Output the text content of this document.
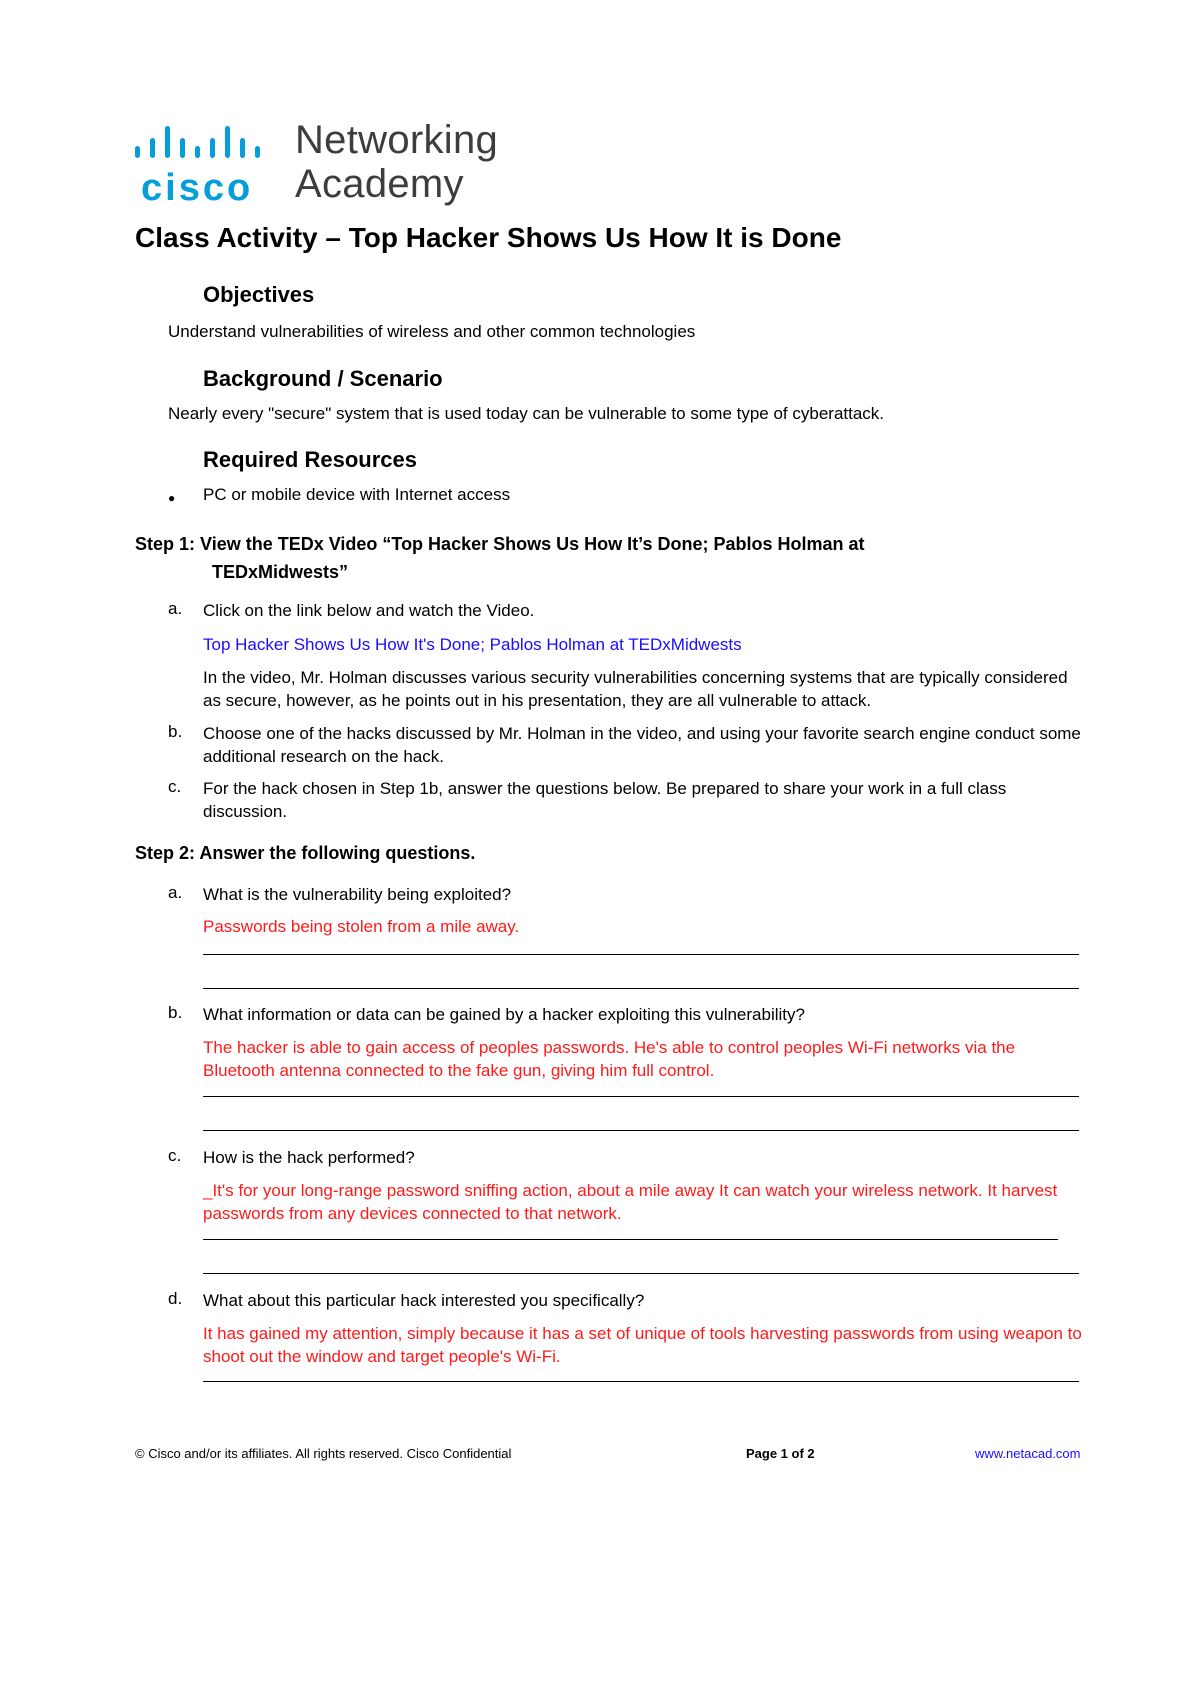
cisco
Networking
Academy
Class Activity – Top Hacker Shows Us How It is Done
Objectives
Understand vulnerabilities of wireless and other common technologies
Background / Scenario
Nearly every "secure" system that is used today can be vulnerable to some type of cyberattack.
Required Resources
● PC or mobile device with Internet access
Step 1: View the TEDx Video “Top Hacker Shows Us How It’s Done; Pablos Holman at
TEDxMidwests”
a. Click on the link below and watch the Video.
Top Hacker Shows Us How It's Done; Pablos Holman at TEDxMidwests
In the video, Mr. Holman discusses various security vulnerabilities concerning systems that are typically considered as secure, however, as he points out in his presentation, they are all vulnerable to attack.
b. Choose one of the hacks discussed by Mr. Holman in the video, and using your favorite search engine conduct some additional research on the hack.
c. For the hack chosen in Step 1b, answer the questions below. Be prepared to share your work in a full class discussion.
Step 2: Answer the following questions.
a. What is the vulnerability being exploited?
Passwords being stolen from a mile away.
b. What information or data can be gained by a hacker exploiting this vulnerability?
The hacker is able to gain access of peoples passwords. He's able to control peoples Wi-Fi networks via the Bluetooth antenna connected to the fake gun, giving him full control.
c. How is the hack performed?
_It's for your long-range password sniffing action, about a mile away It can watch your wireless network. It harvest passwords from any devices connected to that network.
d. What about this particular hack interested you specifically?
It has gained my attention, simply because it has a set of unique of tools harvesting passwords from using weapon to shoot out the window and target people's Wi-Fi.
© Cisco and/or its affiliates. All rights reserved. Cisco Confidential	Page 1 of 2	www.netacad.com
